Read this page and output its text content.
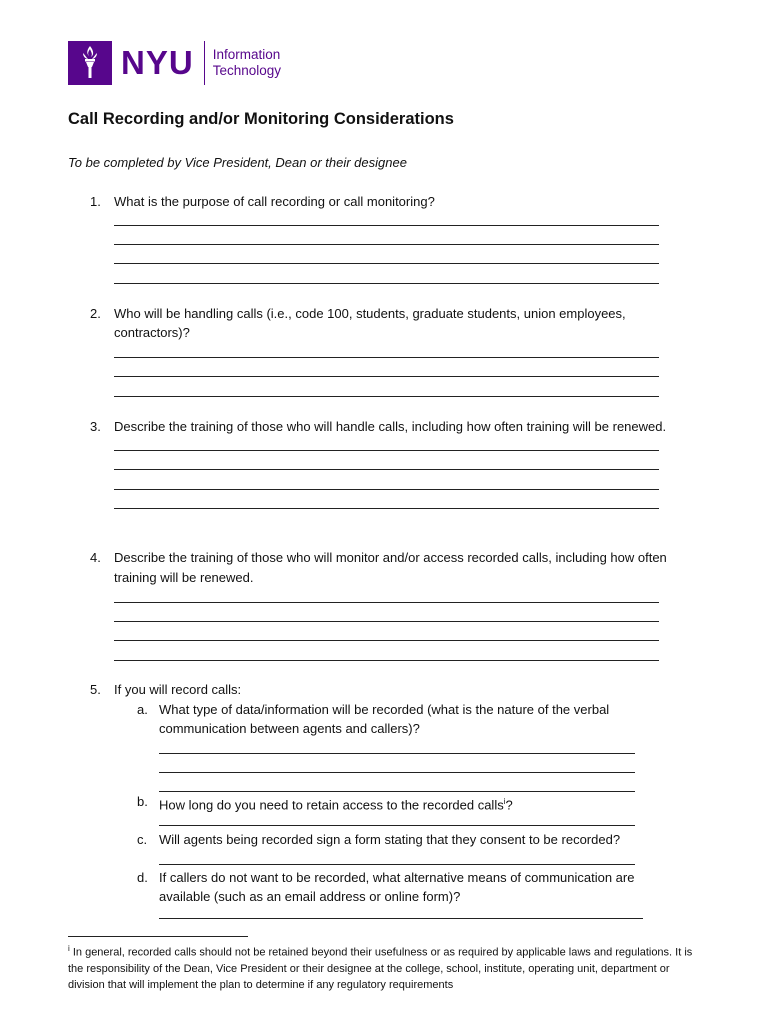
NYU Information
Technology
Call Recording and/or Monitoring Considerations
To be completed by Vice President, Dean or their designee
1. What is the purpose of call recording or call monitoring?
2. Who will be handling calls (i.e., code 100, students, graduate students, union employees,
contractors)?
3. Describe the training of those who will handle calls, including how often training will be renewed.
4. Describe the training of those who will monitor and/or access recorded calls, including how often
training will be renewed.
5. If you will record calls:
a. What type of data/information will be recorded (what is the nature of the verbal
communication between agents and callers)?
b. How long do you need to retain access to the recorded calls$^i$?
c. Will agents being recorded sign a form stating that they consent to be recorded?
d. If callers do not want to be recorded, what alternative means of communication are
available (such as an email address or online form)?
$^i$ In general, recorded calls should not be retained beyond their usefulness or as required by applicable laws and regulations. It is the responsibility of the Dean, Vice President or their designee at the college, school, institute, operating unit, department or division that will implement the plan to determine if any regulatory requirements
